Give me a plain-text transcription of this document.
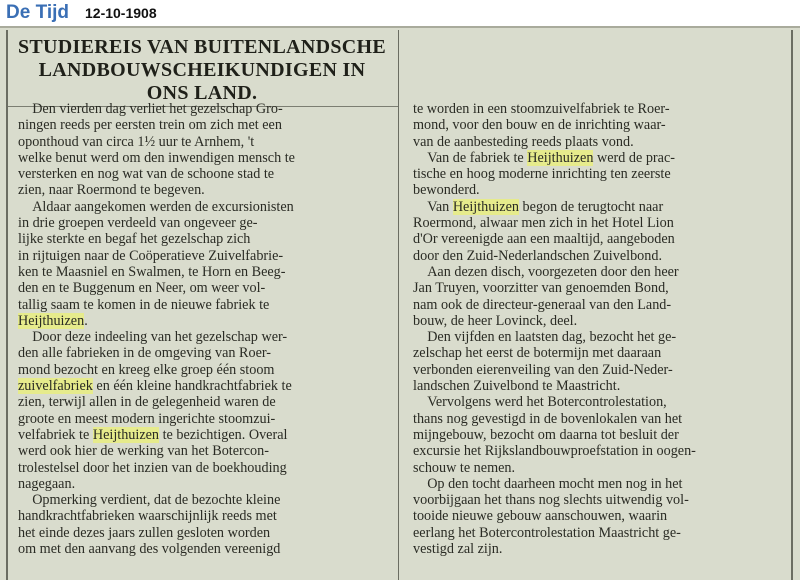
De Tijd 12-10-1908
STUDIEREIS VAN BUITENLANDSCHE
LANDBOUWSCHEIKUNDIGEN IN
ONS LAND.

Den vierden dag verliet het gezelschap Gro-
ningen reeds per eersten trein om zich met een
oponthoud van circa 1½ uur te Arnhem, 't
welke benut werd om den inwendigen mensch te
versterken en nog wat van de schoone stad te
zien, naar Roermond te begeven.

Aldaar aangekomen werden de excursionisten
in drie groepen verdeeld van ongeveer ge-
lijke sterkte en begaf het gezelschap zich
in rijtuigen naar de Coöperatieve Zuivelfabrie-
ken te Maasniel en Swalmen, te Horn en Beeg-
den en te Buggenum en Neer, om weer vol-
tallig saam te komen in de nieuwe fabriek te
Heijthuizen.

Door deze indeeling van het gezelschap wer-
den alle fabrieken in de omgeving van Roer-
mond bezocht en kreeg elke groep één stoom
zuivelfabriek en één kleine handkrachtfabriek te
zien, terwijl allen in de gelegenheid waren de
groote en meest modern ingerichte stoomzui-
velfabriek te Heijthuizen te bezichtigen. Overal
werd ook hier de werking van het Botercon-
trolestelsel door het inzien van de boekhouding
nagegaan.

Opmerking verdient, dat de bezochte kleine
handkrachtfabrieken waarschijnlijk reeds met
het einde dezes jaars zullen gesloten worden
om met den aanvang des volgenden vereenigd

te worden in een stoomzuivelfabriek te Roer-
mond, voor den bouw en de inrichting waar-
van de aanbesteding reeds plaats vond.

Van de fabriek te Heijthuizen werd de prac-
tische en hoog moderne inrichting ten zeerste
bewonderd.

Van Heijthuizen begon de terugtocht naar
Roermond, alwaar men zich in het Hotel Lion
d'Or vereenigde aan een maaltijd, aangeboden
door den Zuid-Nederlandschen Zuivelbond.

Aan dezen disch, voorgezeten door den heer
Jan Truyen, voorzitter van genoemden Bond,
nam ook de directeur-generaal van den Land-
bouw, de heer Lovinck, deel.

Den vijfden en laatsten dag, bezocht het ge-
zelschap het eerst de botermijn met daaraan
verbonden eierenveiling van den Zuid-Neder-
landschen Zuivelbond te Maastricht.

Vervolgens werd het Botercontrolestation,
thans nog gevestigd in de bovenlokalen van het
mijngebouw, bezocht om daarna tot besluit der
excursie het Rijkslandbouwproefstation in oogen-
schouw te nemen.

Op den tocht daarheen mocht men nog in het
voorbijgaan het thans nog slechts uitwendig vol-
tooide nieuwe gebouw aanschouwen, waarin
eerlang het Botercontrolestation Maastricht ge-
vestigd zal zijn.
